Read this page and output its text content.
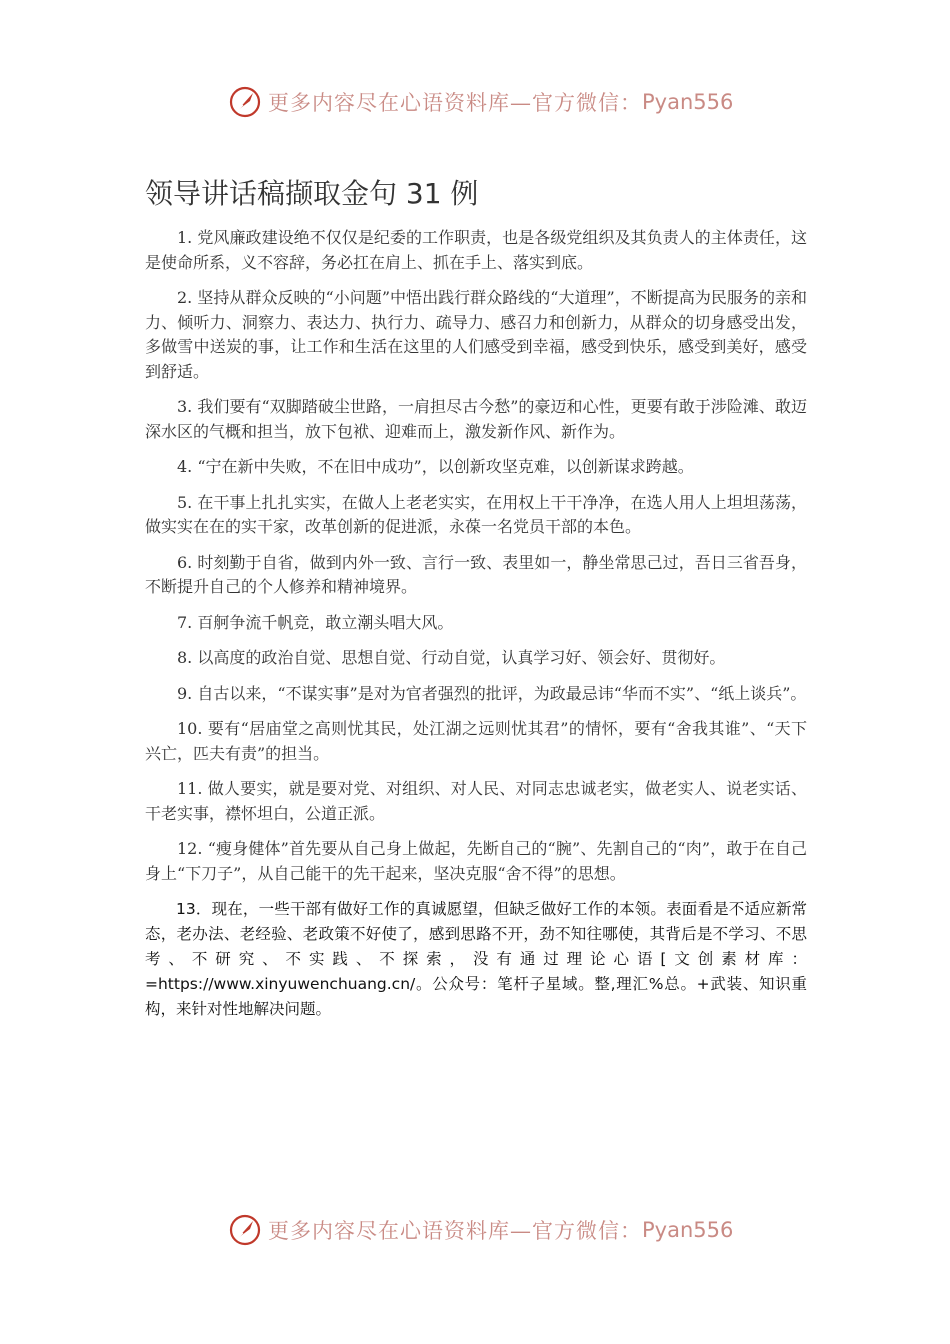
更多内容尽在心语资料库—官方微信： Pyan556
领导讲话稿撷取金句 31 例

1. 党风廉政建设绝不仅仅是纪委的工作职责，也是各级党组织及其负责人的主体责任，这是使命所系，义不容辞，务必扛在肩上、抓在手上、落实到底。

2. 坚持从群众反映的“小问题”中悟出践行群众路线的“大道理”，不断提高为民服务的亲和力、倾听力、洞察力、表达力、执行力、疏导力、感召力和创新力，从群众的切身感受出发，多做雪中送炭的事，让工作和生活在这里的人们感受到幸福，感受到快乐，感受到美好，感受到舒适。

3. 我们要有“双脚踏破尘世路，一肩担尽古今愁”的豪迈和心性，更要有敢于涉险滩、敢迈深水区的气概和担当，放下包袱、迎难而上，激发新作风、新作为。

4. “宁在新中失败，不在旧中成功”，以创新攻坚克难，以创新谋求跨越。

5. 在干事上扎扎实实，在做人上老老实实，在用权上干干净净，在选人用人上坦坦荡荡，做实实在在的实干家，改革创新的促进派，永葆一名党员干部的本色。

6. 时刻勤于自省，做到内外一致、言行一致、表里如一，静坐常思己过，吾日三省吾身，不断提升自己的个人修养和精神境界。

7. 百舸争流千帆竞，敢立潮头唱大风。

8. 以高度的政治自觉、思想自觉、行动自觉，认真学习好、领会好、贯彻好。

9. 自古以来，“不谋实事”是对为官者强烈的批评，为政最忌讳“华而不实”、“纸上谈兵”。

10. 要有“居庙堂之高则忧其民，处江湖之远则忧其君”的情怀，要有“舍我其谁”、“天下兴亡，匹夫有责”的担当。

11. 做人要实，就是要对党、对组织、对人民、对同志忠诚老实，做老实人、说老实话、干老实事，襟怀坦白，公道正派。

12. “瘦身健体”首先要从自己身上做起，先断自己的“腕”、先割自己的“肉”，敢于在自己身上“下刀子”，从自己能干的先干起来，坚决克服“舍不得”的思想。

13．现在，一些干部有做好工作的真诚愿望，但缺乏做好工作的本领。表面看是不适应新常态，老办法、老经验、老政策不好使了，感到思路不开，劲不知往哪使，其背后是不学习、不思考、不研究、不实践、不探索，没有通过理论心语[文创素材库：=https://www.xinyuwenchuang.cn/。公众号：笔杆子星域。整,理汇%总。+武装、知识重构，来针对性地解决问题。

更多内容尽在心语资料库—官方微信： Pyan556
